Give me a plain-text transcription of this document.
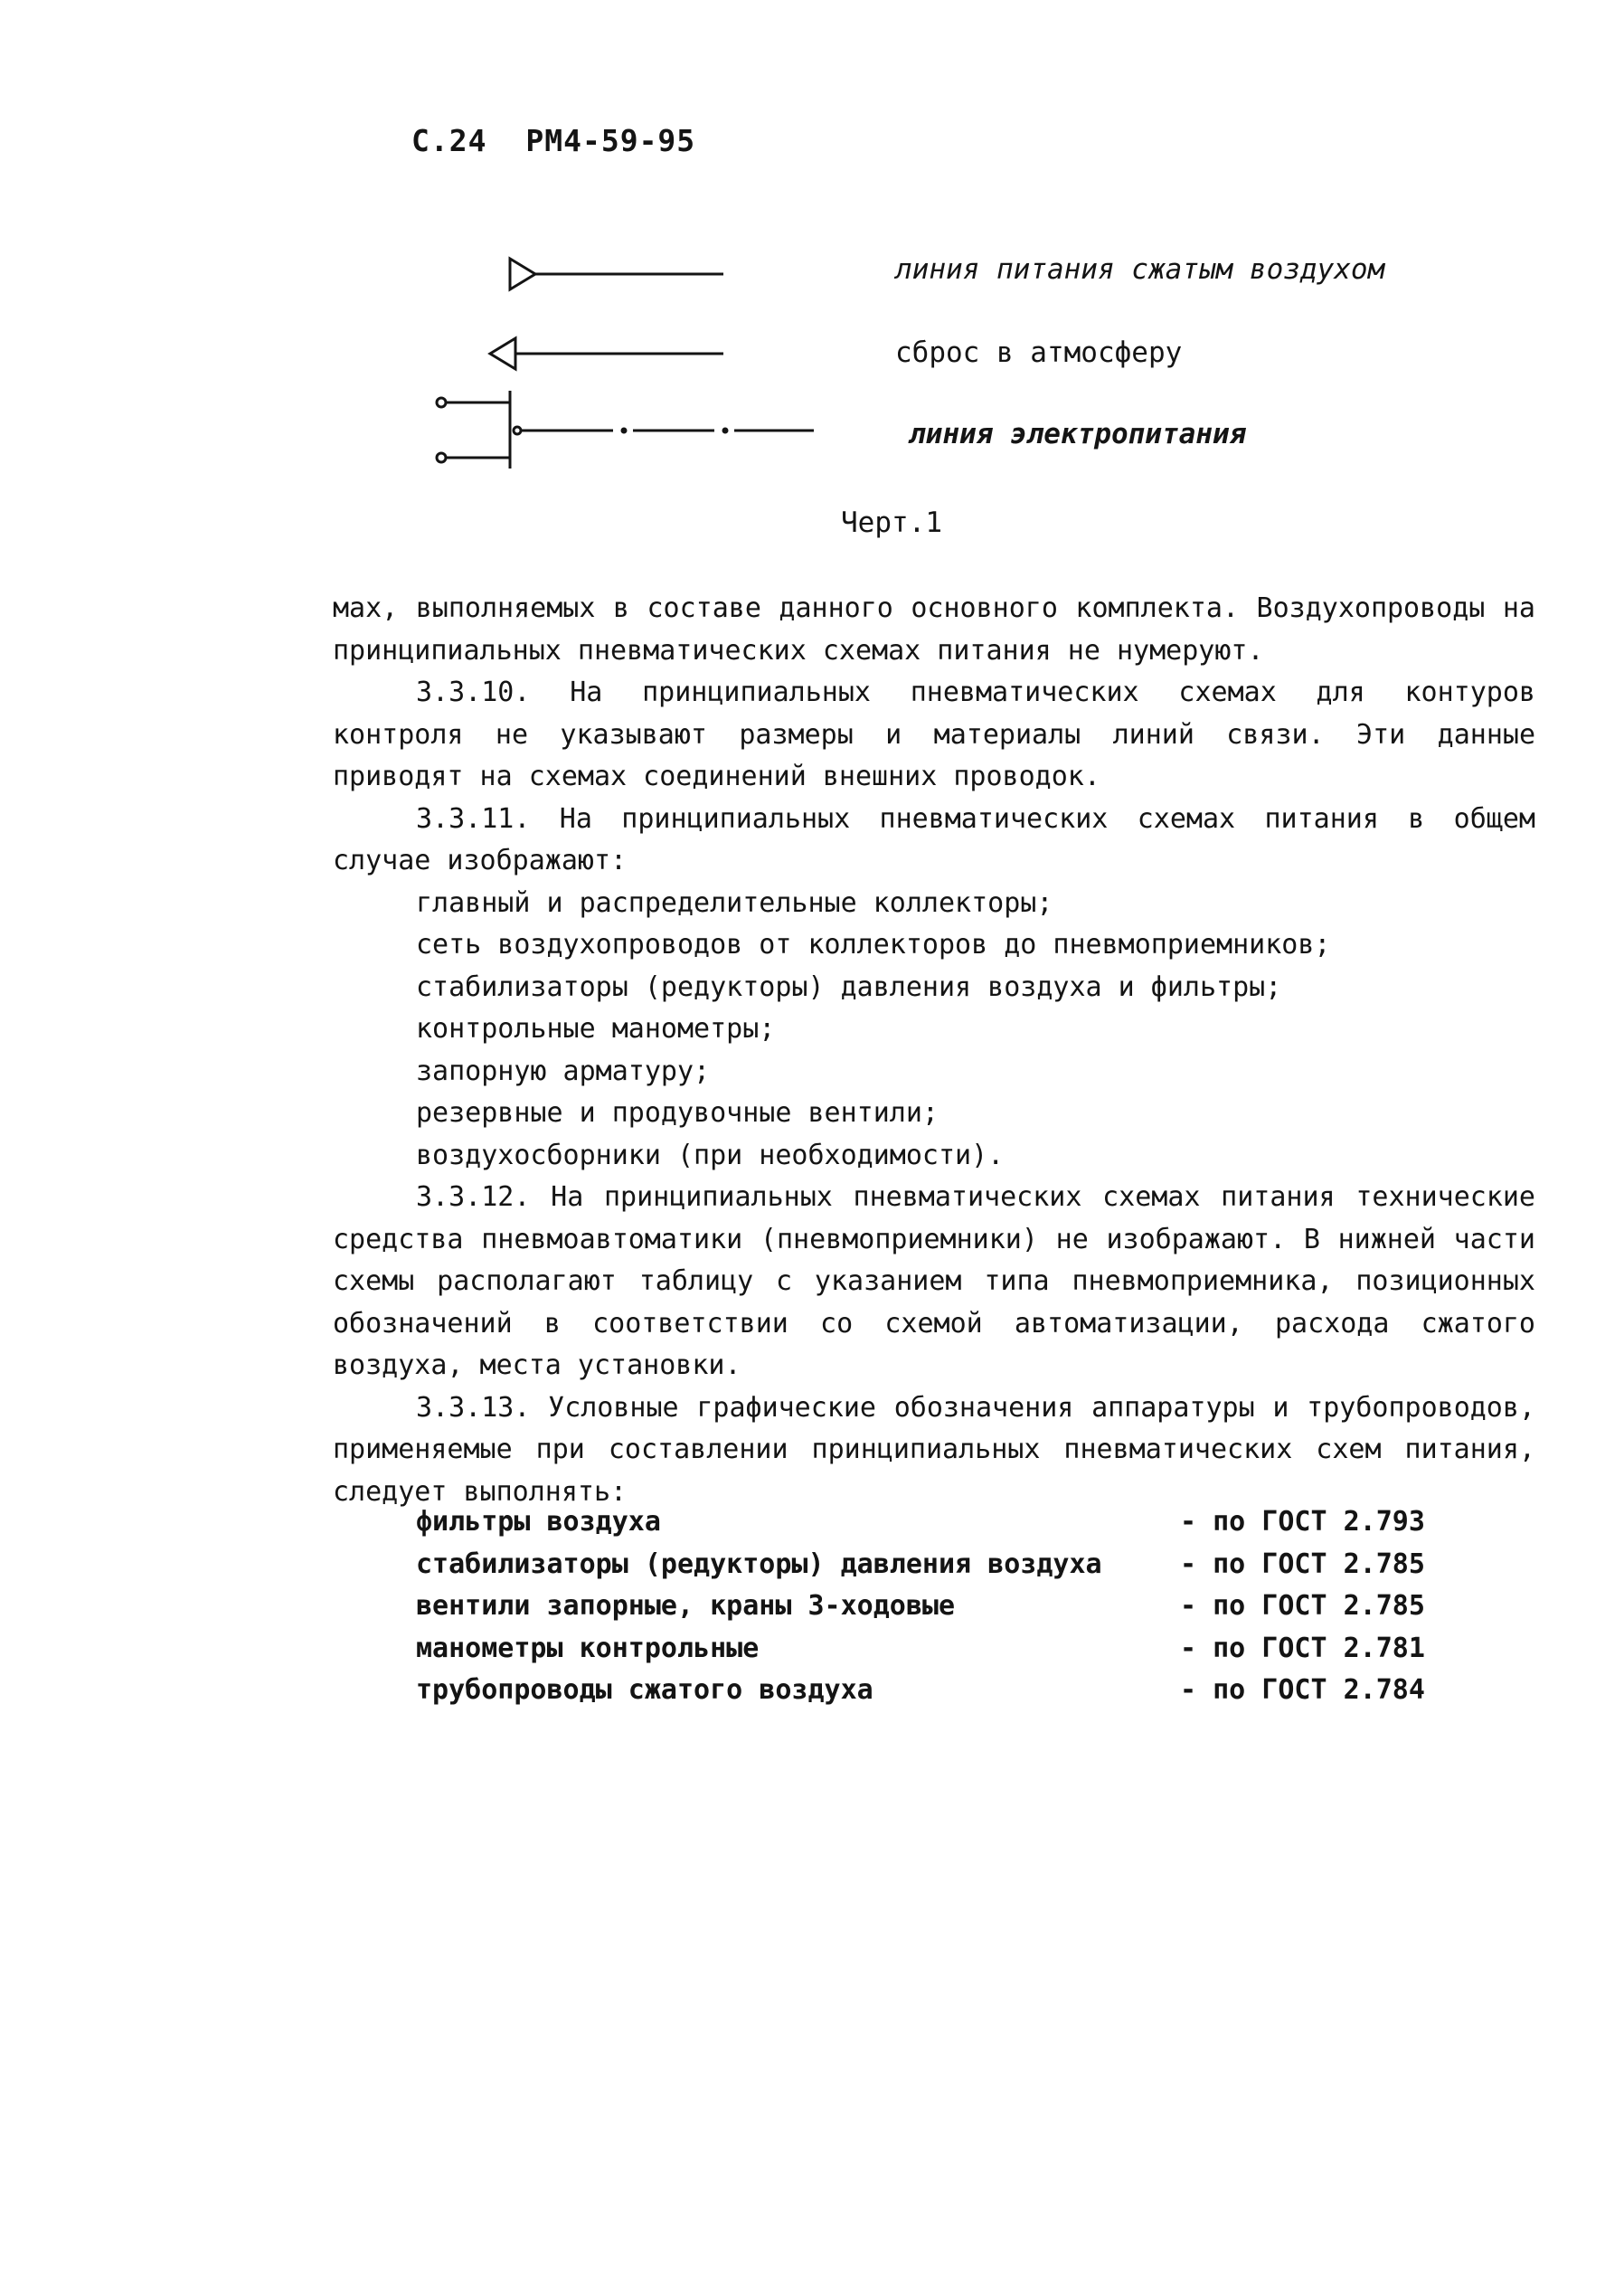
С.24 РМ4-59-95
линия питания сжатым воздухом
сброс в атмосферу
линия электропитания
Черт.1

мах, выполняемых в составе данного основного комплекта. Воздухопроводы на принципиальных пневматических схемах питания не нумеруют.

3.3.10. На принципиальных пневматических схемах для контуров контроля не указывают размеры и материалы линий связи. Эти данные приводят на схемах соединений внешних проводок.

3.3.11. На принципиальных пневматических схемах питания в общем случае изображают:

главный и распределительные коллекторы;

сеть воздухопроводов от коллекторов до пневмоприемников;

стабилизаторы (редукторы) давления воздуха и фильтры;

контрольные манометры;

запорную арматуру;

резервные и продувочные вентили;

воздухосборники (при необходимости).

3.3.12. На принципиальных пневматических схемах питания технические средства пневмоавтоматики (пневмоприемники) не изображают. В нижней части схемы располагают таблицу с указанием типа пневмоприемника, позиционных обозначений в соответствии со схемой автоматизации, расхода сжатого воздуха, места установки.

3.3.13. Условные графические обозначения аппаратуры и трубопроводов, применяемые при составлении принципиальных пневматических схем питания, следует выполнять:

фильтры воздуха	- по ГОСТ 2.793
стабилизаторы (редукторы) давления воздуха	- по ГОСТ 2.785
вентили запорные, краны 3-ходовые	- по ГОСТ 2.785
манометры контрольные	- по ГОСТ 2.781
трубопроводы сжатого воздуха	- по ГОСТ 2.784
